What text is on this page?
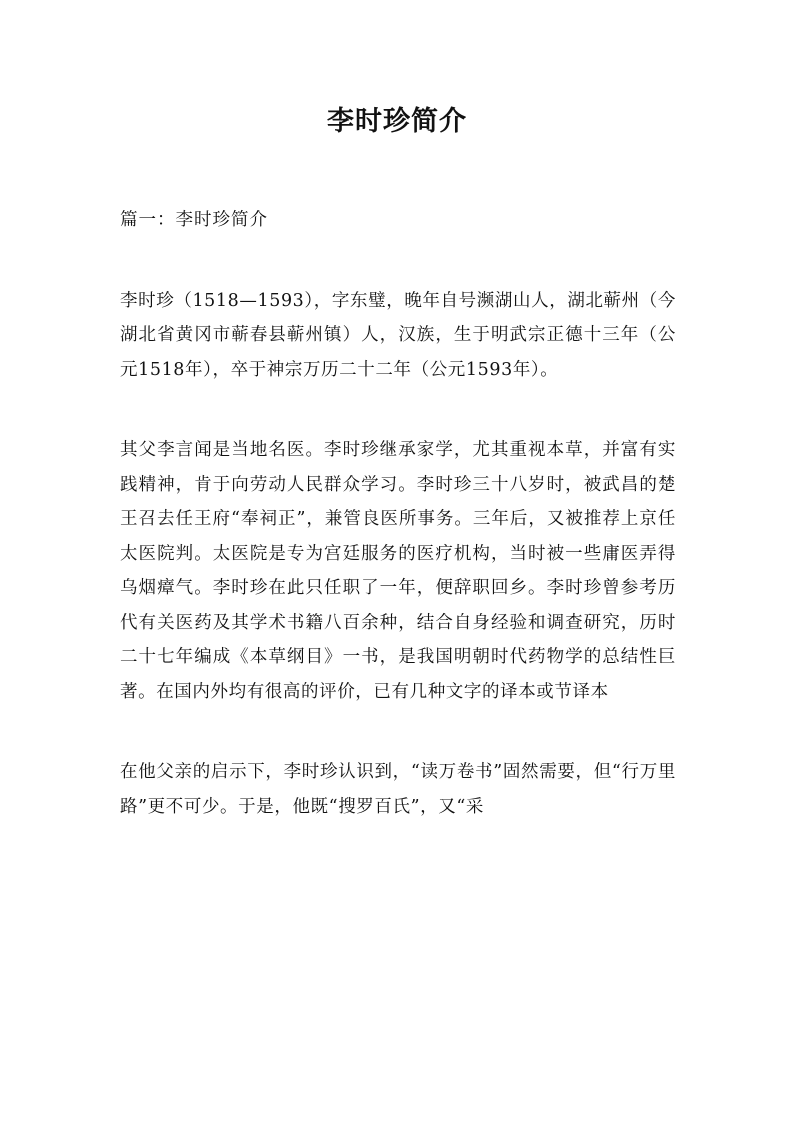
李时珍简介

篇一：李时珍简介

李时珍（1518—1593），字东璧，晚年自号濒湖山人，湖北蕲州（今湖北省黄冈市蕲春县蕲州镇）人，汉族，生于明武宗正德十三年（公元1518年），卒于神宗万历二十二年（公元1593年）。

其父李言闻是当地名医。李时珍继承家学，尤其重视本草，并富有实践精神，肯于向劳动人民群众学习。李时珍三十八岁时，被武昌的楚王召去任王府“奉祠正”，兼管良医所事务。三年后，又被推荐上京任太医院判。太医院是专为宫廷服务的医疗机构，当时被一些庸医弄得乌烟瘴气。李时珍在此只任职了一年，便辞职回乡。李时珍曾参考历代有关医药及其学术书籍八百余种，结合自身经验和调查研究，历时二十七年编成《本草纲目》一书，是我国明朝时代药物学的总结性巨著。在国内外均有很高的评价，已有几种文字的译本或节译本

在他父亲的启示下，李时珍认识到，“读万卷书”固然需要，但“行万里路”更不可少。于是，他既“搜罗百氏”，又“采
